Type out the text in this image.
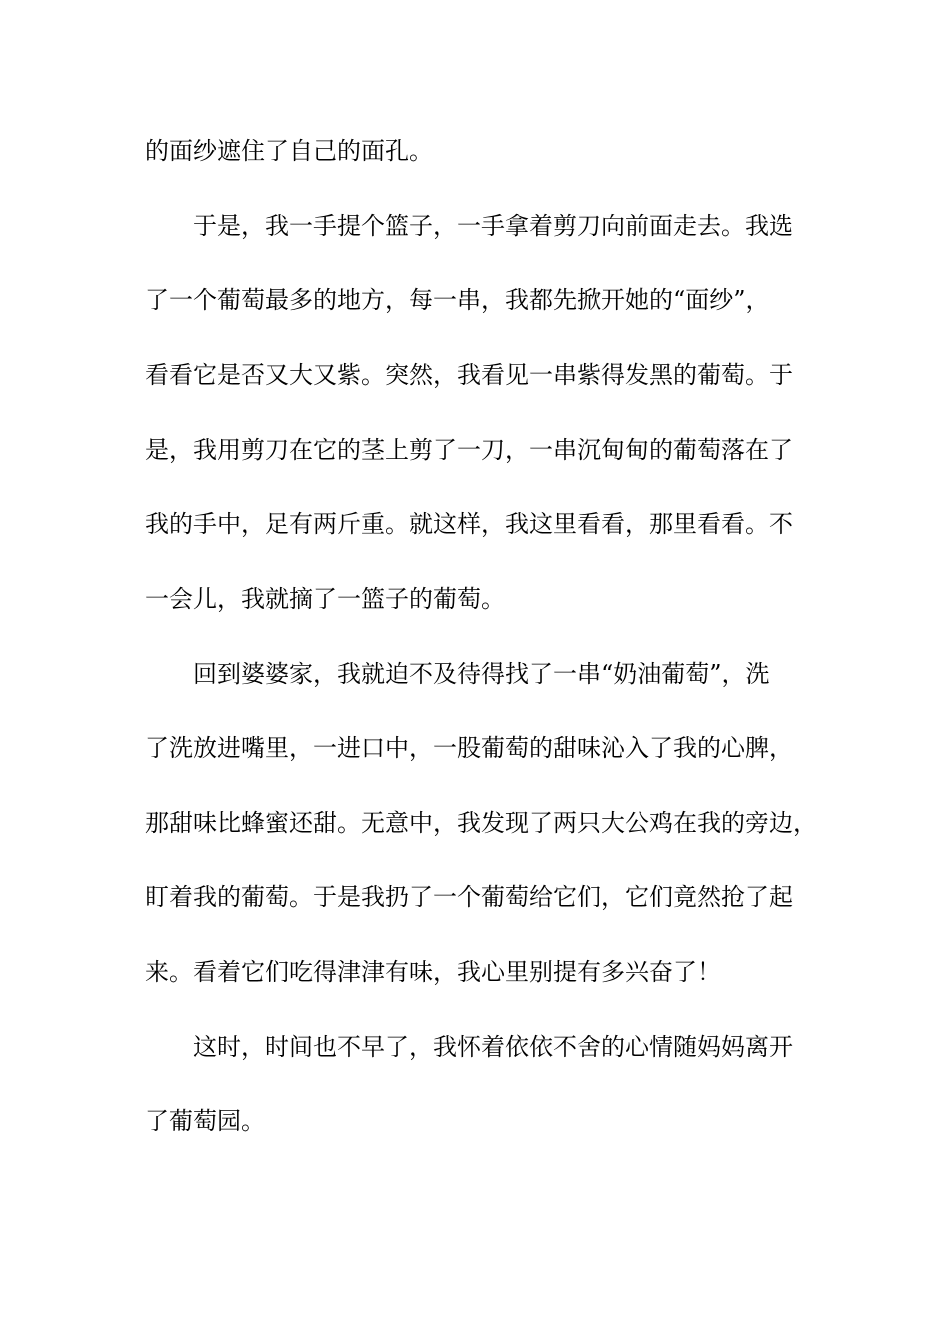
的面纱遮住了自己的面孔。
于是，我一手提个篮子，一手拿着剪刀向前面走去。我选
了一个葡萄最多的地方，每一串，我都先掀开她的“面纱”，
看看它是否又大又紫。突然，我看见一串紫得发黑的葡萄。于
是，我用剪刀在它的茎上剪了一刀，一串沉甸甸的葡萄落在了
我的手中，足有两斤重。就这样，我这里看看，那里看看。不
一会儿，我就摘了一篮子的葡萄。
回到婆婆家，我就迫不及待得找了一串“奶油葡萄”，洗
了洗放进嘴里，一进口中，一股葡萄的甜味沁入了我的心脾，
那甜味比蜂蜜还甜。无意中，我发现了两只大公鸡在我的旁边，
盯着我的葡萄。于是我扔了一个葡萄给它们，它们竟然抢了起
来。看着它们吃得津津有味，我心里别提有多兴奋了！
这时，时间也不早了，我怀着依依不舍的心情随妈妈离开
了葡萄园。
